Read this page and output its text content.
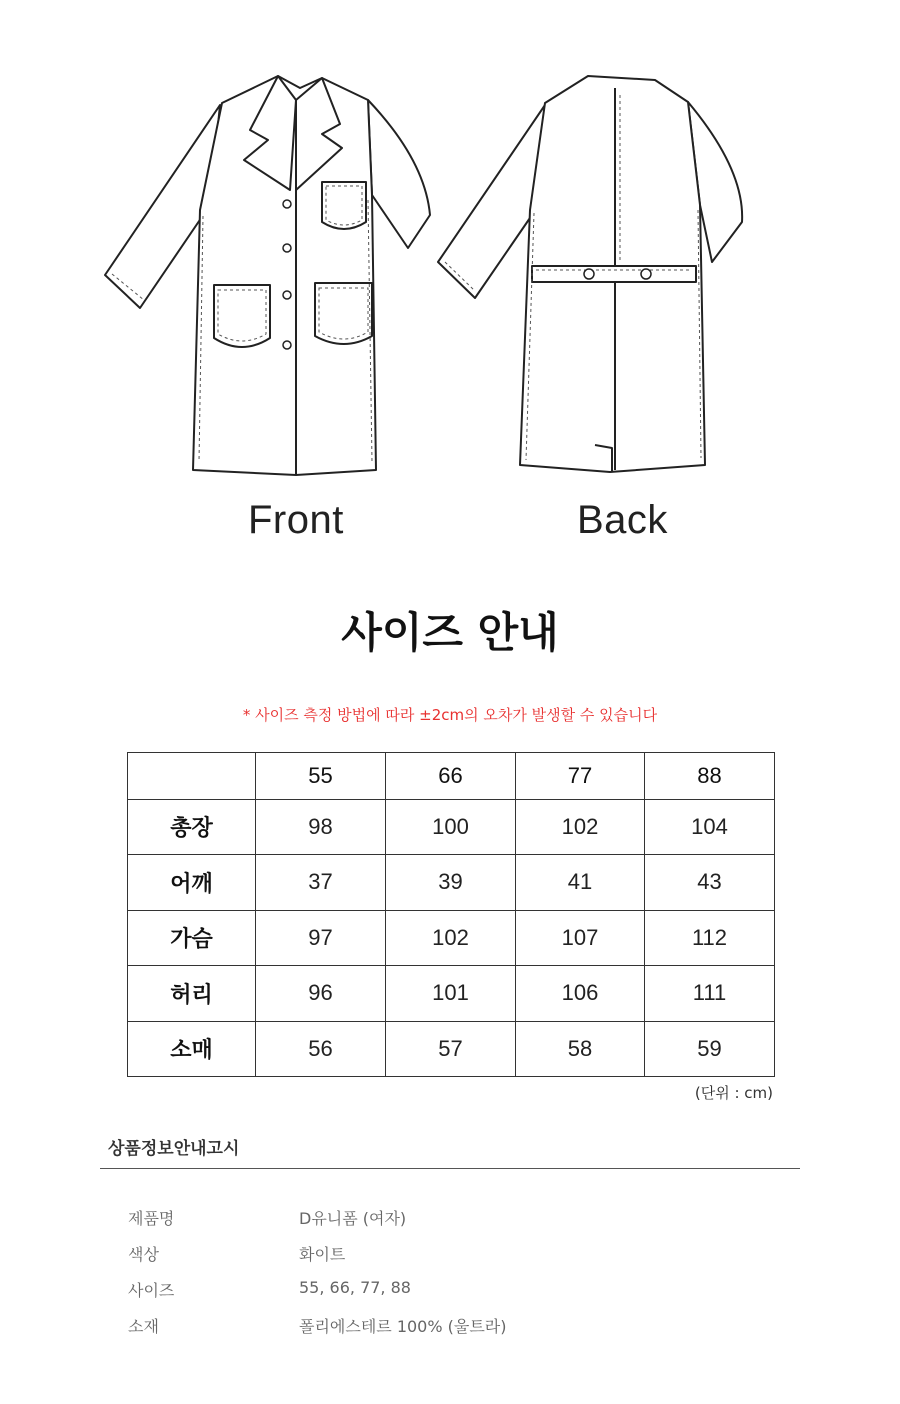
Front	Back
사이즈 안내
* 사이즈 측정 방법에 따라 ±2cm의 오차가 발생할 수 있습니다
	55	66	77	88
총장	98	100	102	104
어깨	37	39	41	43
가슴	97	102	107	112
허리	96	101	106	111
소매	56	57	58	59
(단위 : cm)
상품정보안내고시
제품명	D유니폼 (여자)
색상	화이트
사이즈	55, 66, 77, 88
소재	폴리에스테르 100% (울트라)
